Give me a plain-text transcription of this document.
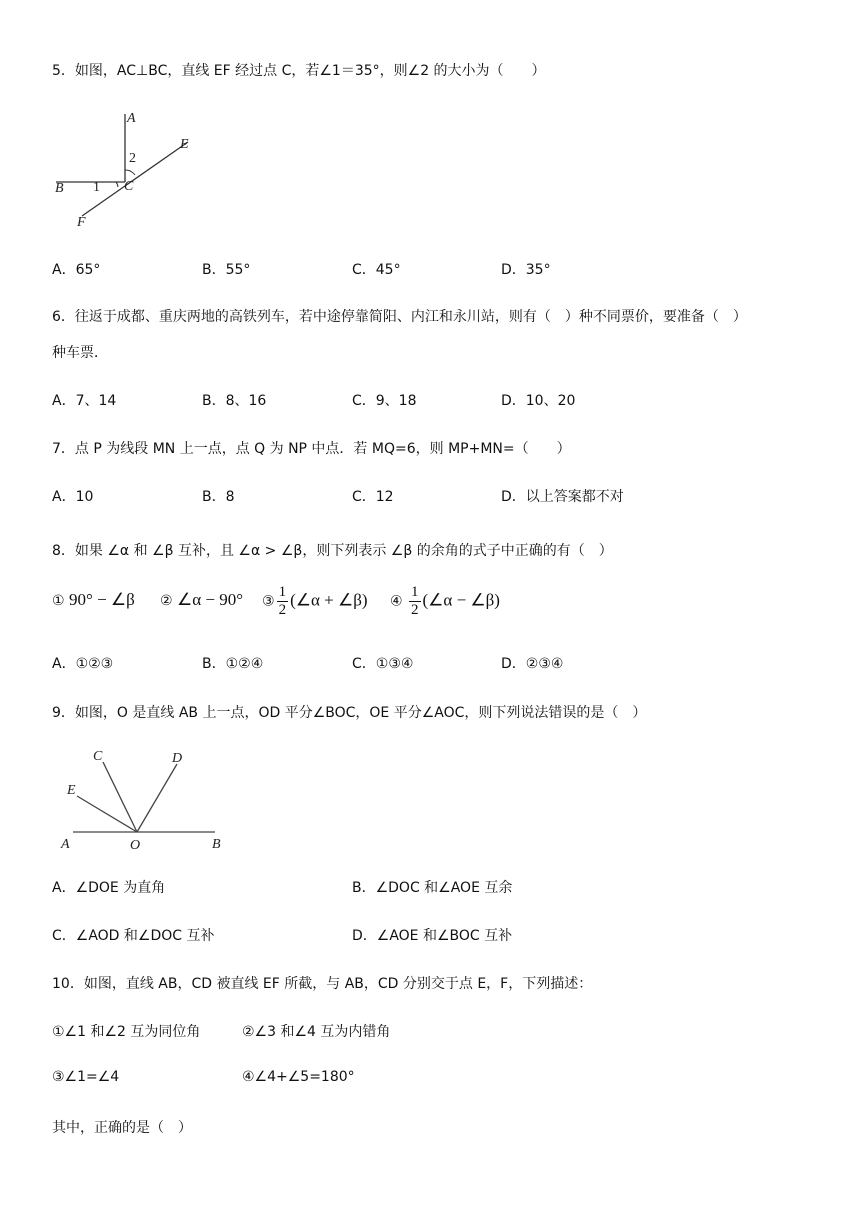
5．如图，AC⊥BC，直线 EF 经过点 C，若∠1＝35°，则∠2 的大小为（　　）
A
E
2
B 1 C
F
A．65°	B．55°	C．45°	D．35°
6．往返于成都、重庆两地的高铁列车，若中途停靠简阳、内江和永川站，则有（　）种不同票价，要准备（　）
种车票．
A．7、14	B．8、16	C．9、18	D．10、20
7．点 P 为线段 MN 上一点，点 Q 为 NP 中点．若 MQ=6，则 MP+MN=（　　）
A．10	B．8	C．12	D．以上答案都不对
8．如果 ∠α 和 ∠β 互补，且 ∠α > ∠β，则下列表示 ∠β 的余角的式子中正确的有（　）
① 90° − ∠β ② ∠α − 90° ③ $\frac{1}{2}$ (∠α + ∠β) ④ $\frac{1}{2}$ (∠α − ∠β)
A．①②③	B．①②④	C．①③④	D．②③④
9．如图，O 是直线 AB 上一点，OD 平分∠BOC，OE 平分∠AOC，则下列说法错误的是（　）
C	D
E
A	O	B
A．∠DOE 为直角	B．∠DOC 和∠AOE 互余
C．∠AOD 和∠DOC 互补	D．∠AOE 和∠BOC 互补
10．如图，直线 AB，CD 被直线 EF 所截，与 AB，CD 分别交于点 E，F，下列描述：
①∠1 和∠2 互为同位角	②∠3 和∠4 互为内错角
③∠1=∠4	④∠4+∠5=180°
其中，正确的是（　）
